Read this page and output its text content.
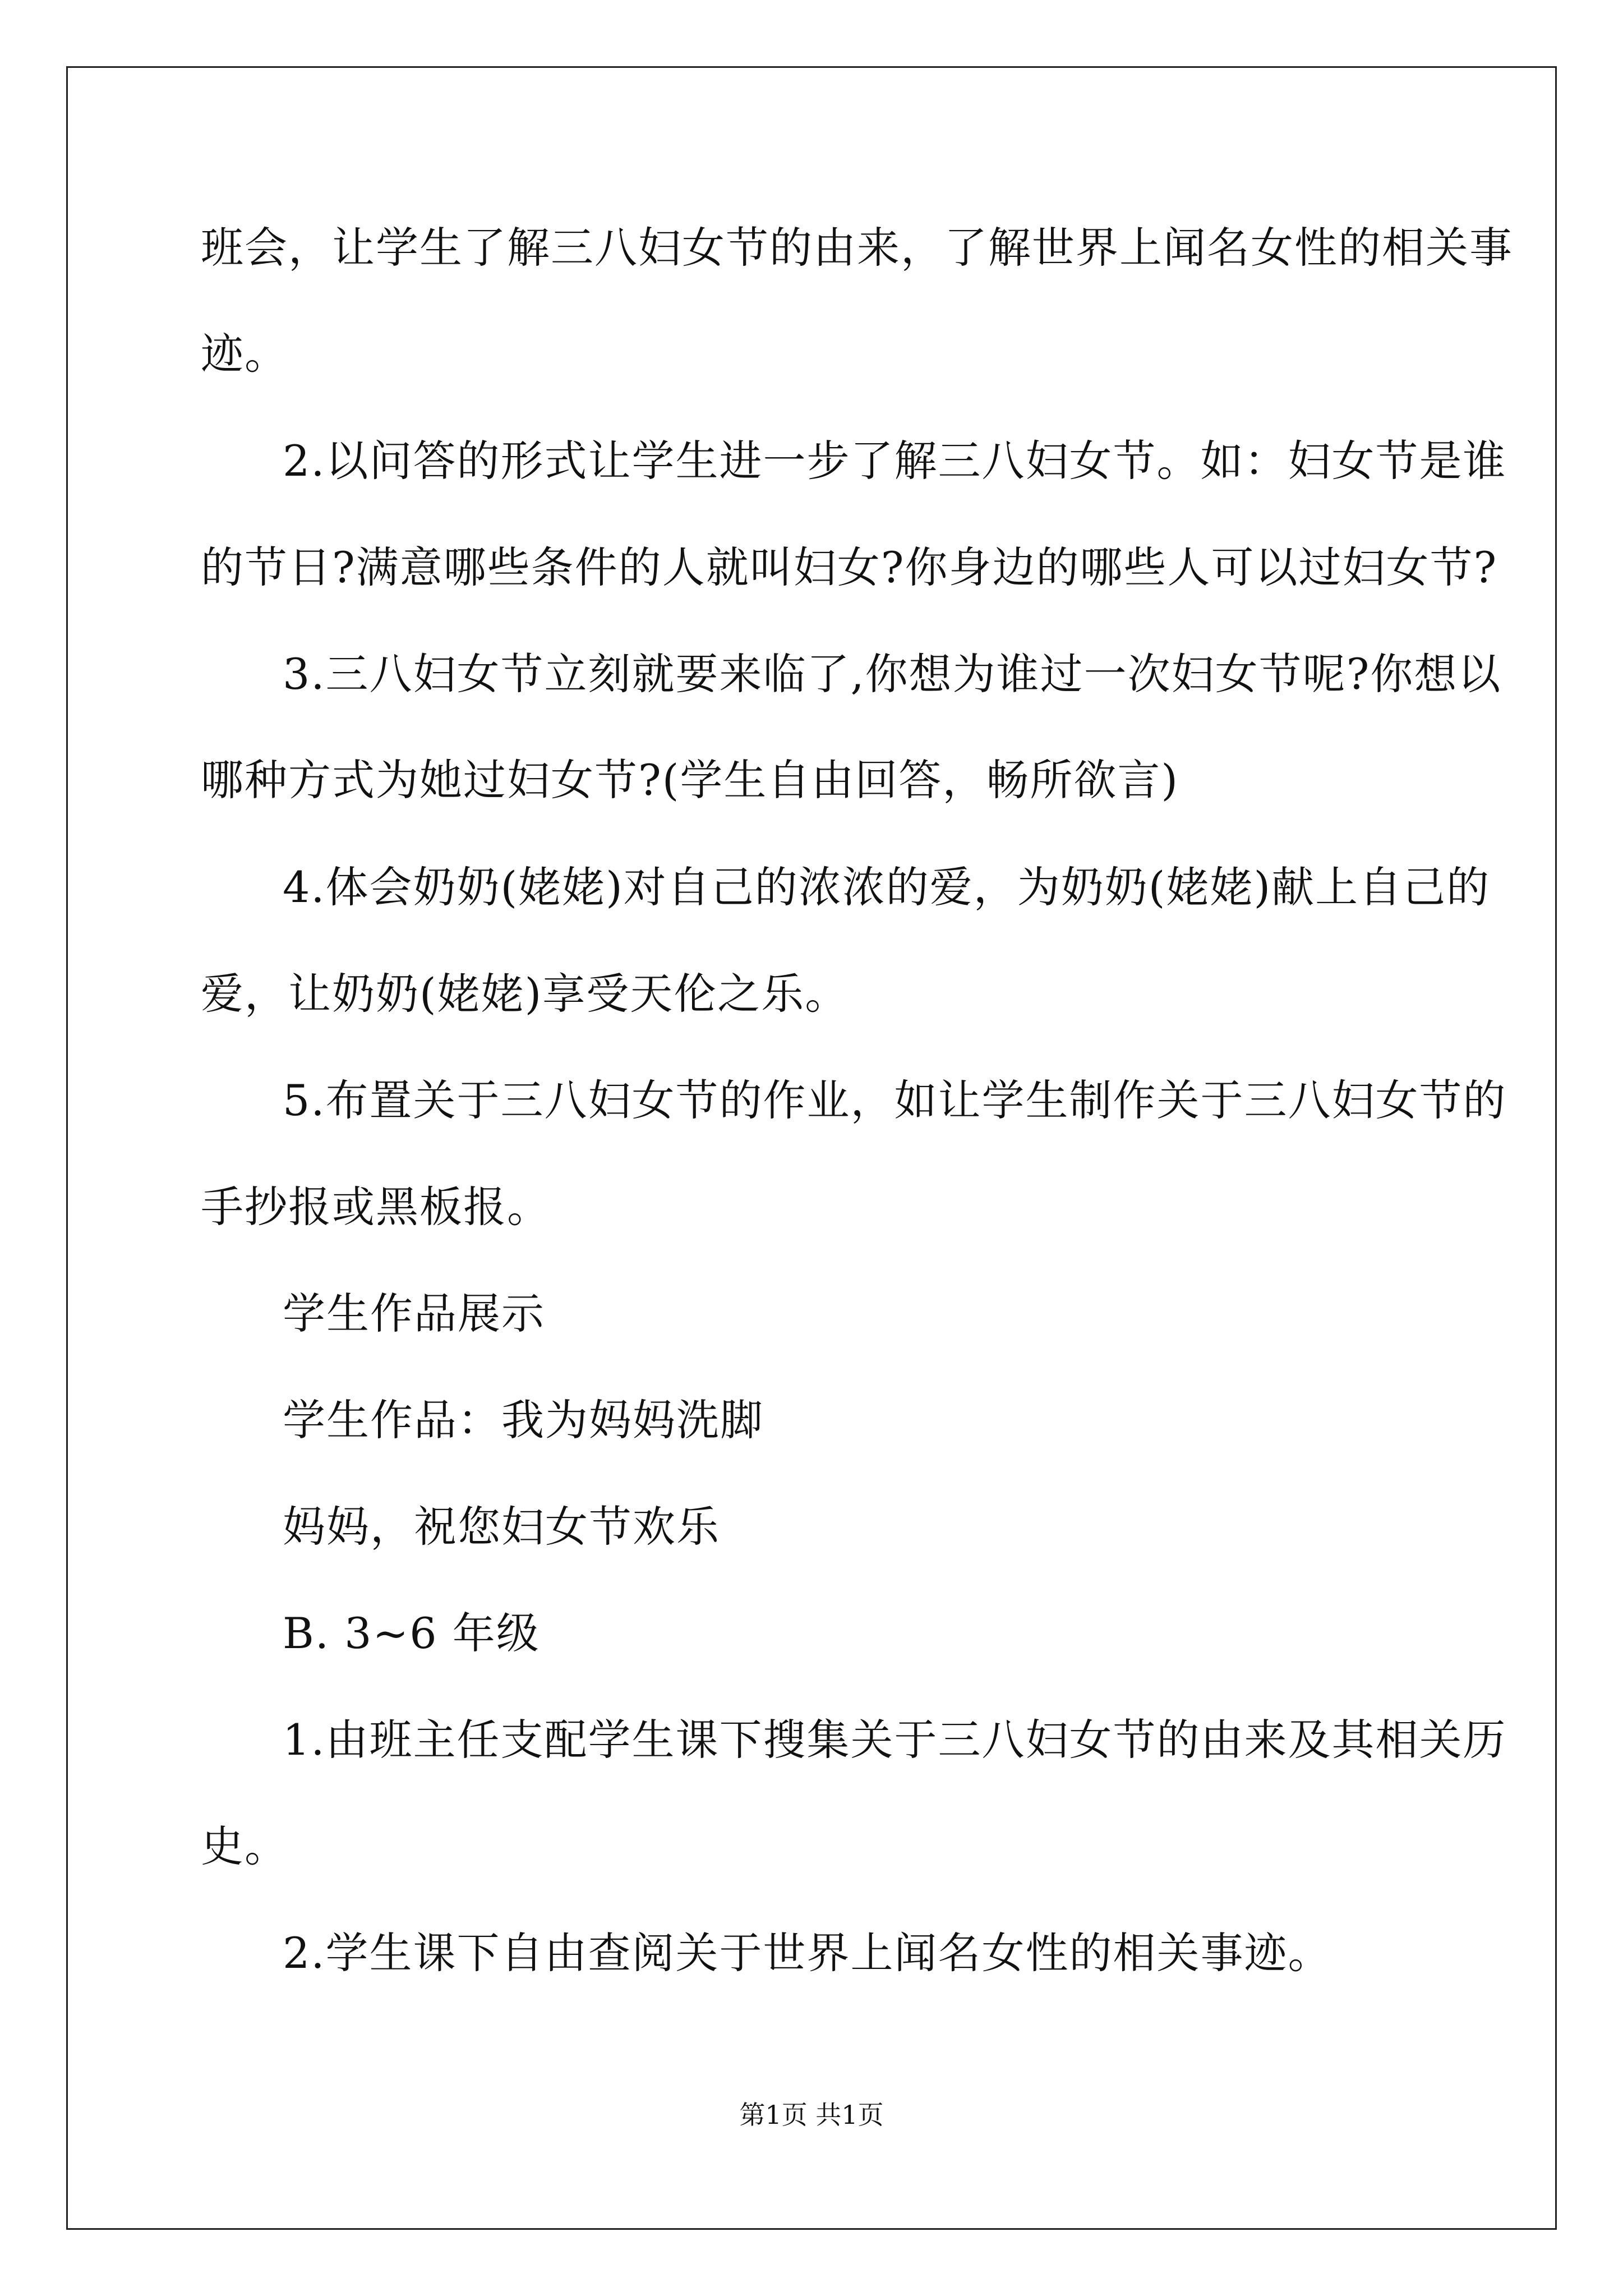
班会，让学生了解三八妇女节的由来，了解世界上闻名女性的相关事
迹。
2.以问答的形式让学生进一步了解三八妇女节。如：妇女节是谁
的节日?满意哪些条件的人就叫妇女?你身边的哪些人可以过妇女节?
3.三八妇女节立刻就要来临了,你想为谁过一次妇女节呢?你想以
哪种方式为她过妇女节?(学生自由回答，畅所欲言)
4.体会奶奶(姥姥)对自己的浓浓的爱，为奶奶(姥姥)献上自己的
爱，让奶奶(姥姥)享受天伦之乐。
5.布置关于三八妇女节的作业，如让学生制作关于三八妇女节的
手抄报或黑板报。
学生作品展示
学生作品：我为妈妈洗脚
妈妈，祝您妇女节欢乐
B. 3~6 年级
1.由班主任支配学生课下搜集关于三八妇女节的由来及其相关历
史。
2.学生课下自由查阅关于世界上闻名女性的相关事迹。
第1页 共1页
